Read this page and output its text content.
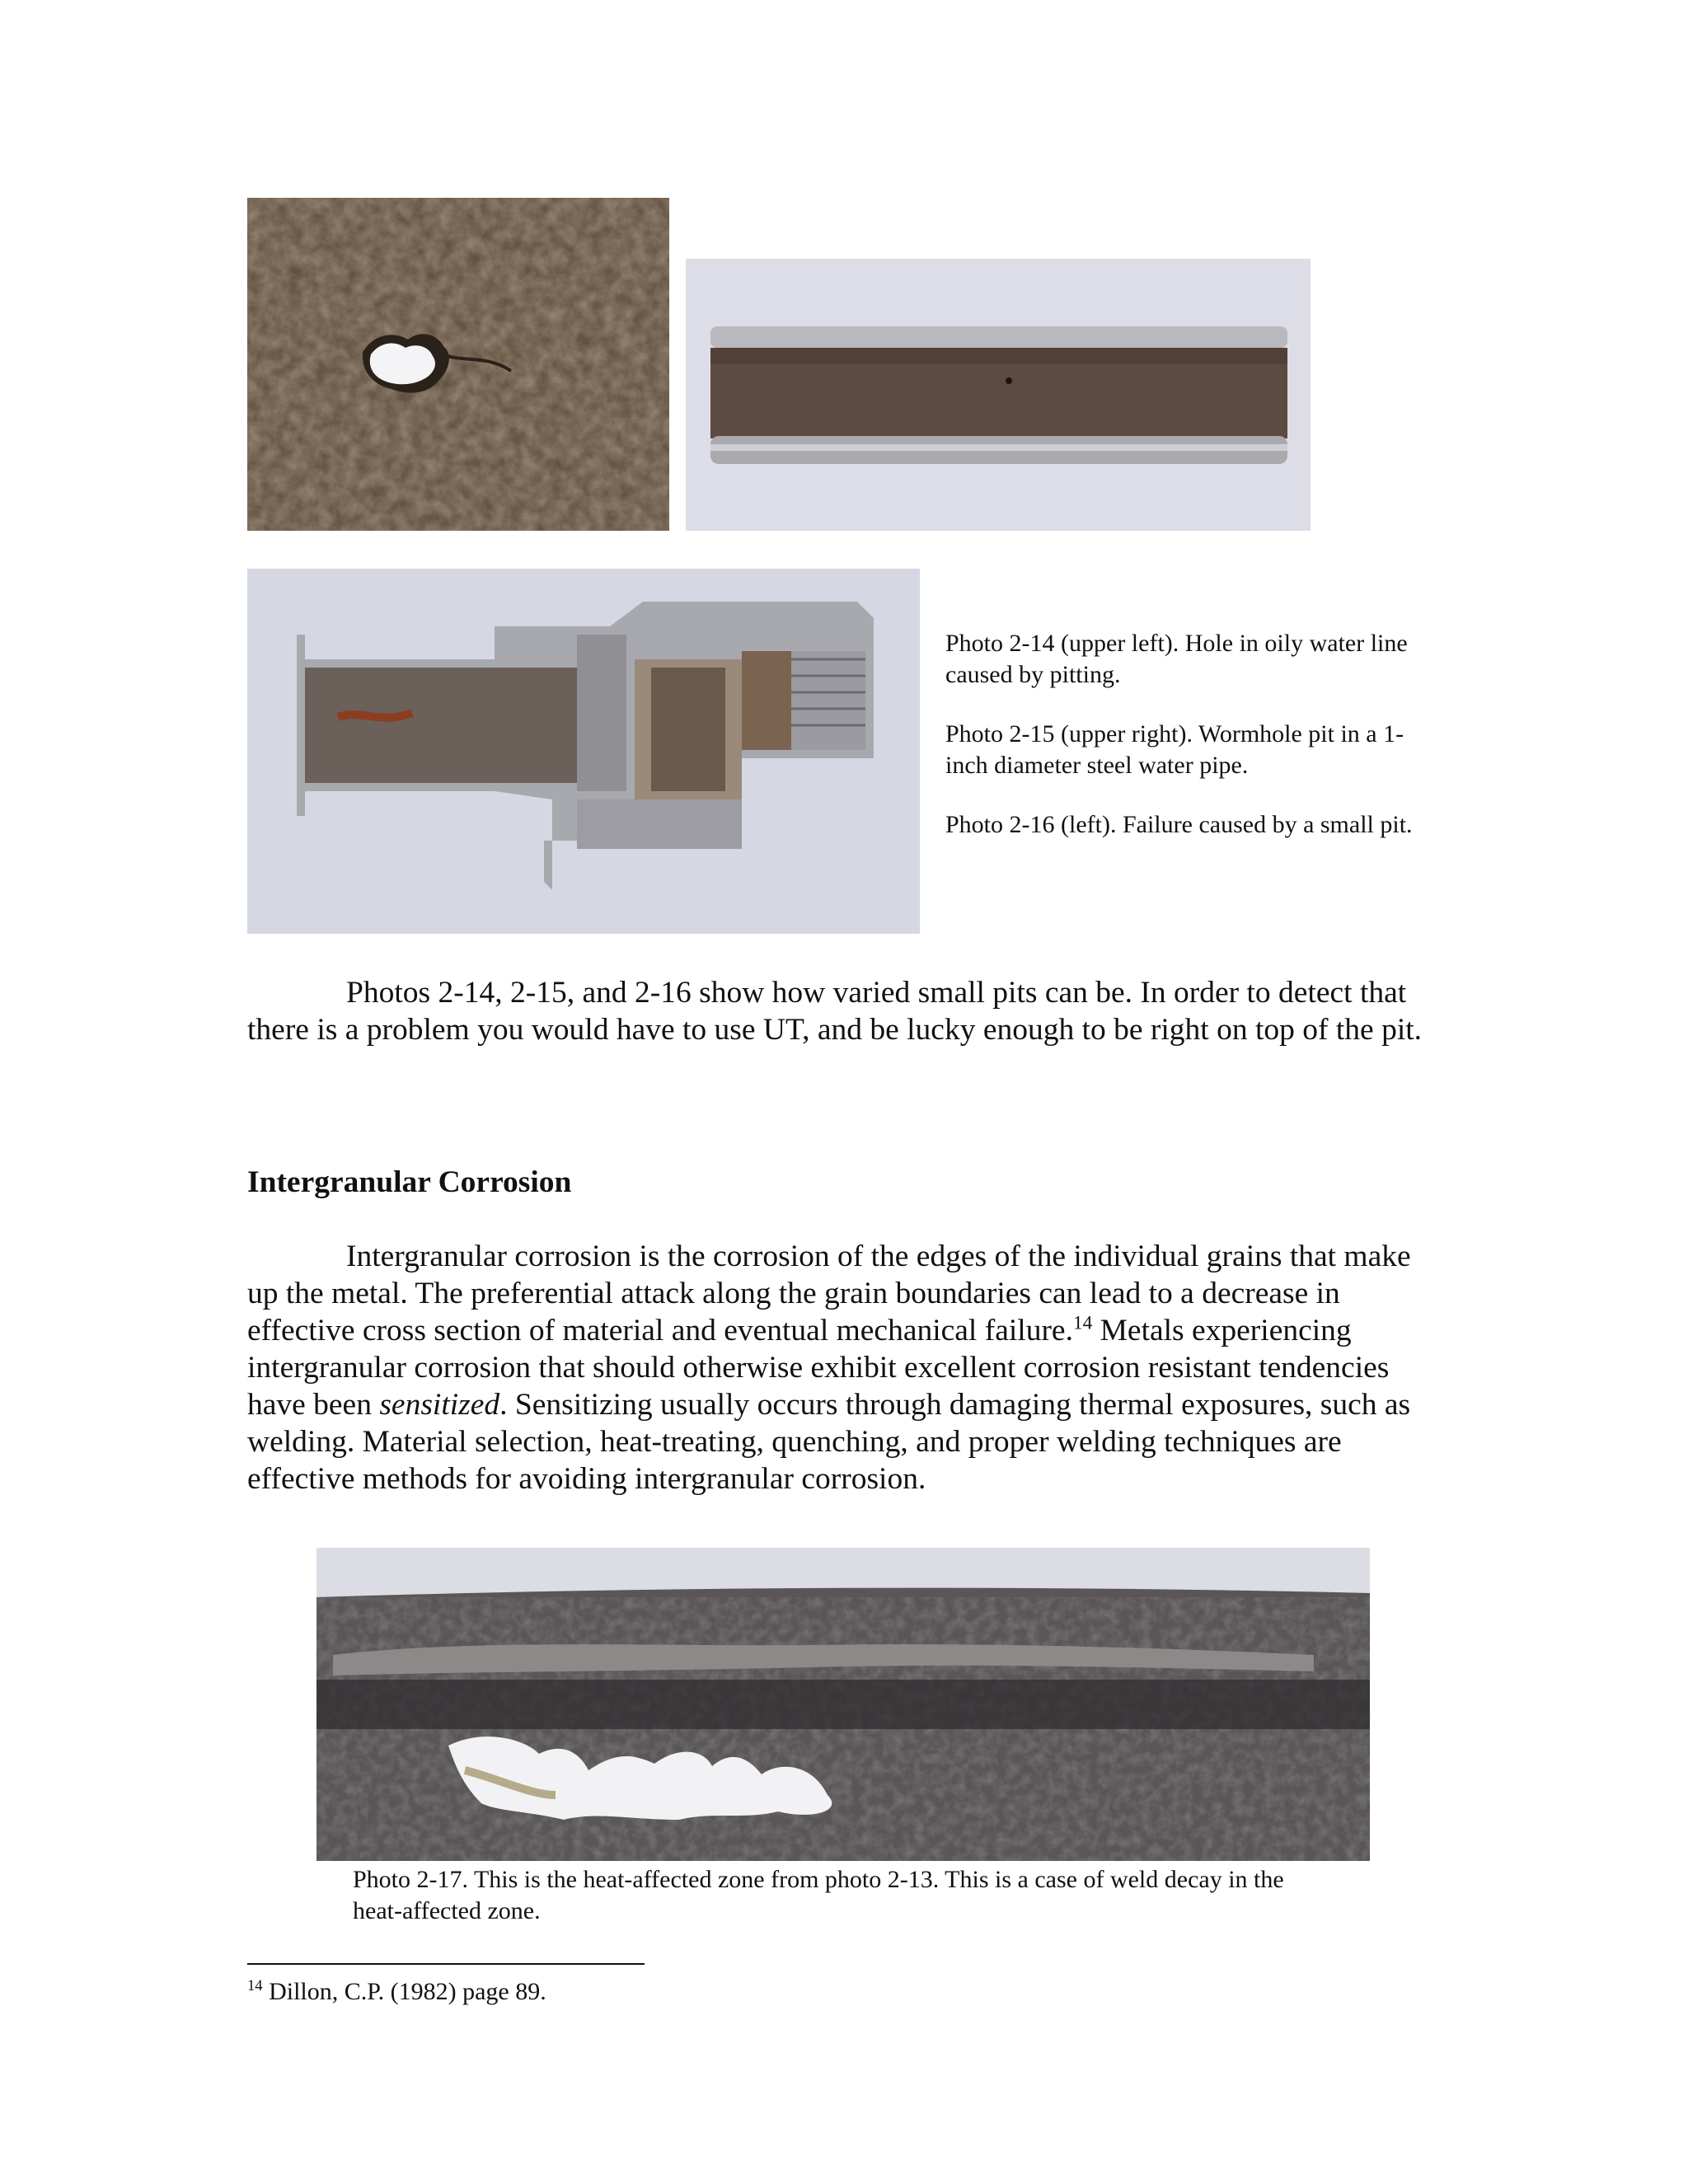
Photo 2-14 (upper left). Hole in oily water line caused by pitting.

Photo 2-15 (upper right). Wormhole pit in a 1-inch diameter steel water pipe.

Photo 2-16 (left). Failure caused by a small pit.

Photos 2-14, 2-15, and 2-16 show how varied small pits can be. In order to detect that there is a problem you would have to use UT, and be lucky enough to be right on top of the pit.

Intergranular Corrosion

Intergranular corrosion is the corrosion of the edges of the individual grains that make up the metal. The preferential attack along the grain boundaries can lead to a decrease in effective cross section of material and eventual mechanical failure.$^{14}$ Metals experiencing intergranular corrosion that should otherwise exhibit excellent corrosion resistant tendencies have been sensitized. Sensitizing usually occurs through damaging thermal exposures, such as welding. Material selection, heat-treating, quenching, and proper welding techniques are effective methods for avoiding intergranular corrosion.

Photo 2-17. This is the heat-affected zone from photo 2-13. This is a case of weld decay in the heat-affected zone.

$^{14}$ Dillon, C.P. (1982) page 89.
